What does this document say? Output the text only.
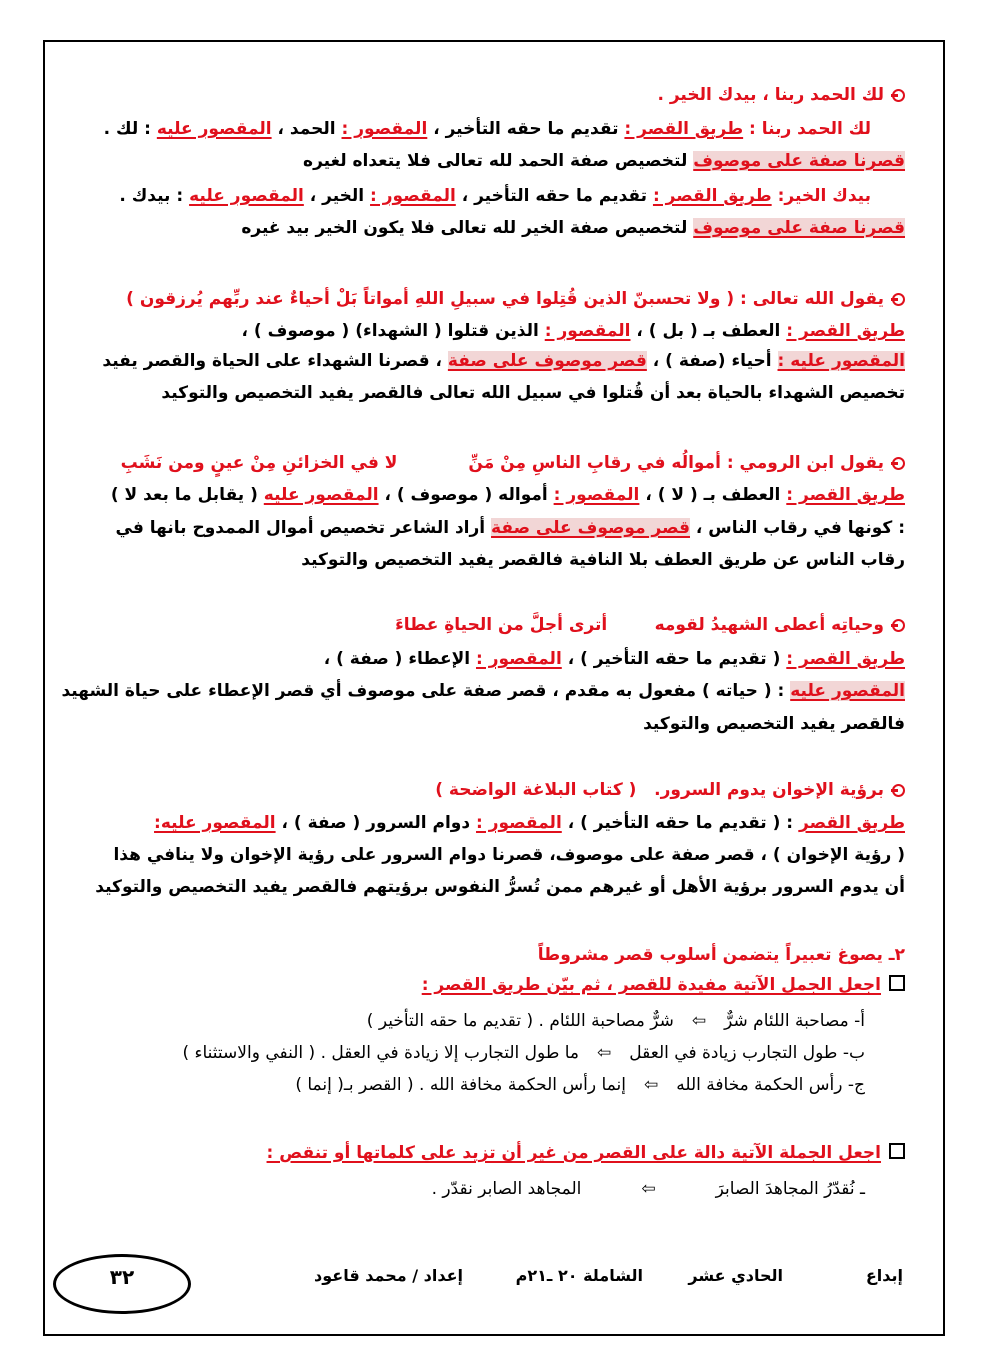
لك الحمد ربنا ، بيدك الخير .
لك الحمد ربنا : طريق القصر : تقديم ما حقه التأخير ، المقصور : الحمد ، المقصور عليه : لك .
قصرنا صفة على موصوف لتخصيص صفة الحمد لله تعالى فلا يتعداه لغيره
بيدك الخير: طريق القصر : تقديم ما حقه التأخير ، المقصور : الخير ، المقصور عليه : بيدك .
قصرنا صفة على موصوف لتخصيص صفة الخير لله تعالى فلا يكون الخير بيد غيره
يقول الله تعالى : ( ولا تحسبنّ الذين قُتِلوا في سبيلِ اللهِ أمواتاً بَلْ أحياءٌ عند ربِّهم يُرزقون )
طريق القصر : العطف بـ ( بل ) ، المقصور : الذين قتلوا ( الشهداء) ( موصوف ) ،
المقصور عليه : أحياء (صفة ) ، قصر موصوف على صفة ، قصرنا الشهداء على الحياة والقصر يفيد
تخصيص الشهداء بالحياة بعد أن قُتلوا في سبيل الله تعالى فالقصر يفيد التخصيص والتوكيد
يقول ابن الرومي : أموالُه في رقابِ الناسِ مِنْ مَنِّ            لا في الخزائنِ مِنْ عينٍ ومن نَشَبِ
طريق القصر : العطف بـ ( لا ) ، المقصور : أمواله ( موصوف ) ، المقصور عليه ( يقابل ما بعد لا )
: كونها في رقاب الناس ، قصر موصوف على صفة أراد الشاعر تخصيص أموال الممدوح بانها في
رقاب الناس عن طريق العطف بلا النافية فالقصر يفيد التخصيص والتوكيد
وحياتِه أعطى الشهيدُ لقومه        أترى أجلَّ من الحياةِ عطاءَ
طريق القصر : ( تقديم ما حقه التأخير ) ، المقصور : الإعطاء ( صفة ) ،
المقصور عليه : ( حياته ) مفعول به مقدم ، قصر صفة على موصوف أي قصر الإعطاء على حياة الشهيد
فالقصر يفيد التخصيص والتوكيد
برؤية الإخوان يدوم السرور.   ( كتاب البلاغة الواضحة )
طريق القصر : ( تقديم ما حقه التأخير ) ، المقصور : دوام السرور ( صفة ) ، المقصور عليه:
( رؤية الإخوان ) ، قصر صفة على موصوف، قصرنا دوام السرور على رؤية الإخوان ولا ينافي هذا
أن يدوم السرور برؤية الأهل أو غيرهم ممن تُسرُّ النفوس برؤيتهم فالقصر يفيد التخصيص والتوكيد
٢ـ يصوغ تعبيراً يتضمن أسلوب قصر مشروطاً
اجعل الجمل الآتية مفيدة للقصر ، ثم بيّن طريق القصر :
أ- مصاحبة اللئام شرٌّ⇦شرٌّ مصاحبة اللئام . ( تقديم ما حقه التأخير )
ب- طول التجارب زيادة في العقل⇦ما طول التجارب إلا زيادة في العقل . ( النفي والاستثناء )
ج- رأس الحكمة مخافة الله⇦إنما رأس الحكمة مخافة الله . ( القصر بـ( إنما )
اجعل الجملة الآتية دالة على القصر من غير أن تزيد على كلماتها أو تنقص :
ـ نُقدّرُ المجاهدَ الصابرَ⇦المجاهد الصابر نقدّر .
إبداع
الحادي عشر
الشاملة ٢٠ ـ٢١م
إعداد / محمد قاعود
٣٢
